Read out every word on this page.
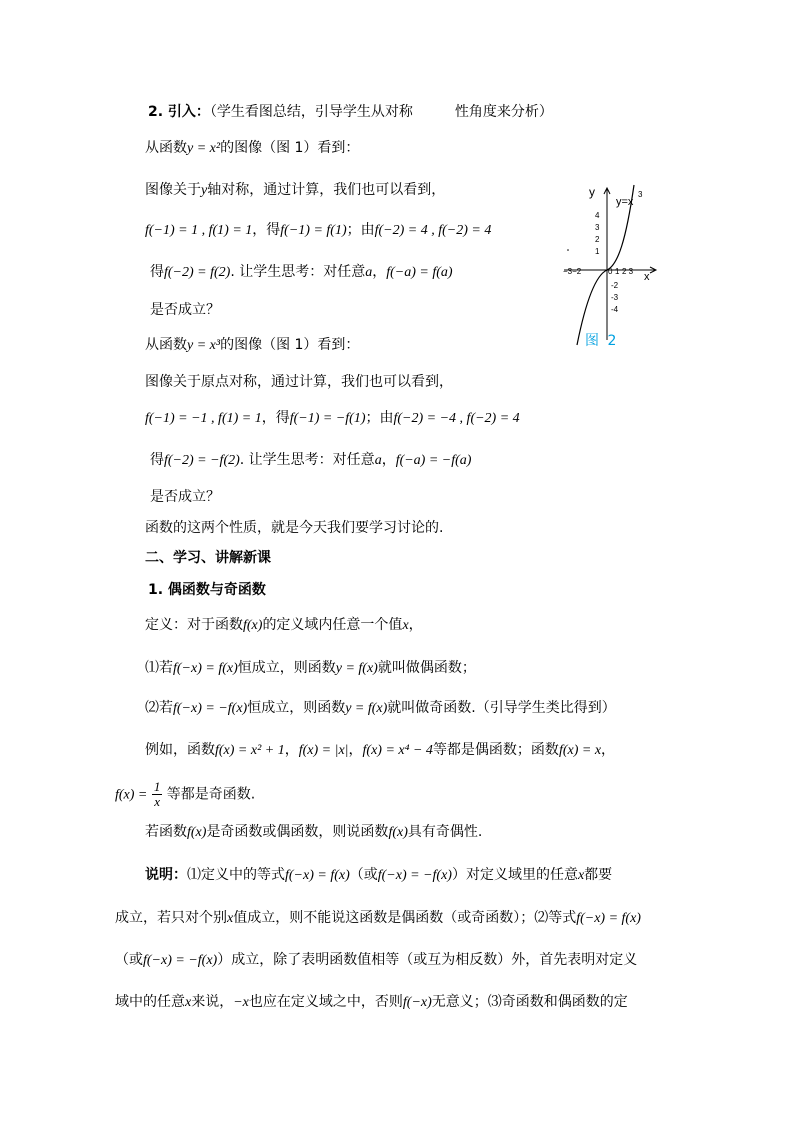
2. 引入：（学生看图总结，引导学生从对称　　　性角度来分析）
从函数y = x²的图像（图 1）看到：
图像关于y轴对称，通过计算，我们也可以看到，
f(−1) = 1 , f(1) = 1，得f(−1) = f(1)；由f(−2) = 4 , f(−2) = 4
得f(−2) = f(2). 让学生思考：对任意a，f(−a) = f(a)
是否成立？
从函数y = x³的图像（图 1）看到：
图像关于原点对称，通过计算，我们也可以看到，
f(−1) = −1 , f(1) = 1，得f(−1) = −f(1)；由f(−2) = −4 , f(−2) = 4
得f(−2) = −f(2). 让学生思考：对任意a，f(−a) = −f(a)
是否成立？
函数的这两个性质，就是今天我们要学习讨论的.
二、学习、讲解新课
1. 偶函数与奇函数
定义：对于函数f(x)的定义域内任意一个值x，
⑴若f(−x) = f(x)恒成立，则函数y = f(x)就叫做偶函数；
⑵若f(−x) = −f(x)恒成立，则函数y = f(x)就叫做奇函数.（引导学生类比得到）
例如，函数f(x) = x² + 1，f(x) = |x|，f(x) = x⁴ − 4等都是偶函数；函数f(x) = x，
$f(x) = \frac{1}{x}$ 等都是奇函数.
若函数f(x)是奇函数或偶函数，则说函数f(x)具有奇偶性.
说明：⑴定义中的等式f(−x) = f(x)（或f(−x) = −f(x)）对定义域里的任意x都要
成立，若只对个别x值成立，则不能说这函数是偶函数（或奇函数）；⑵等式f(−x) = f(x)
（或f(−x) = −f(x)）成立，除了表明函数值相等（或互为相反数）外，首先表明对定义
域中的任意x来说，−x也应在定义域之中，否则f(−x)无意义；⑶奇函数和偶函数的定
y
x
y=x
3
4
3
2
1
-2
-3
-4
−3−2	2 3
0 1
图 2
